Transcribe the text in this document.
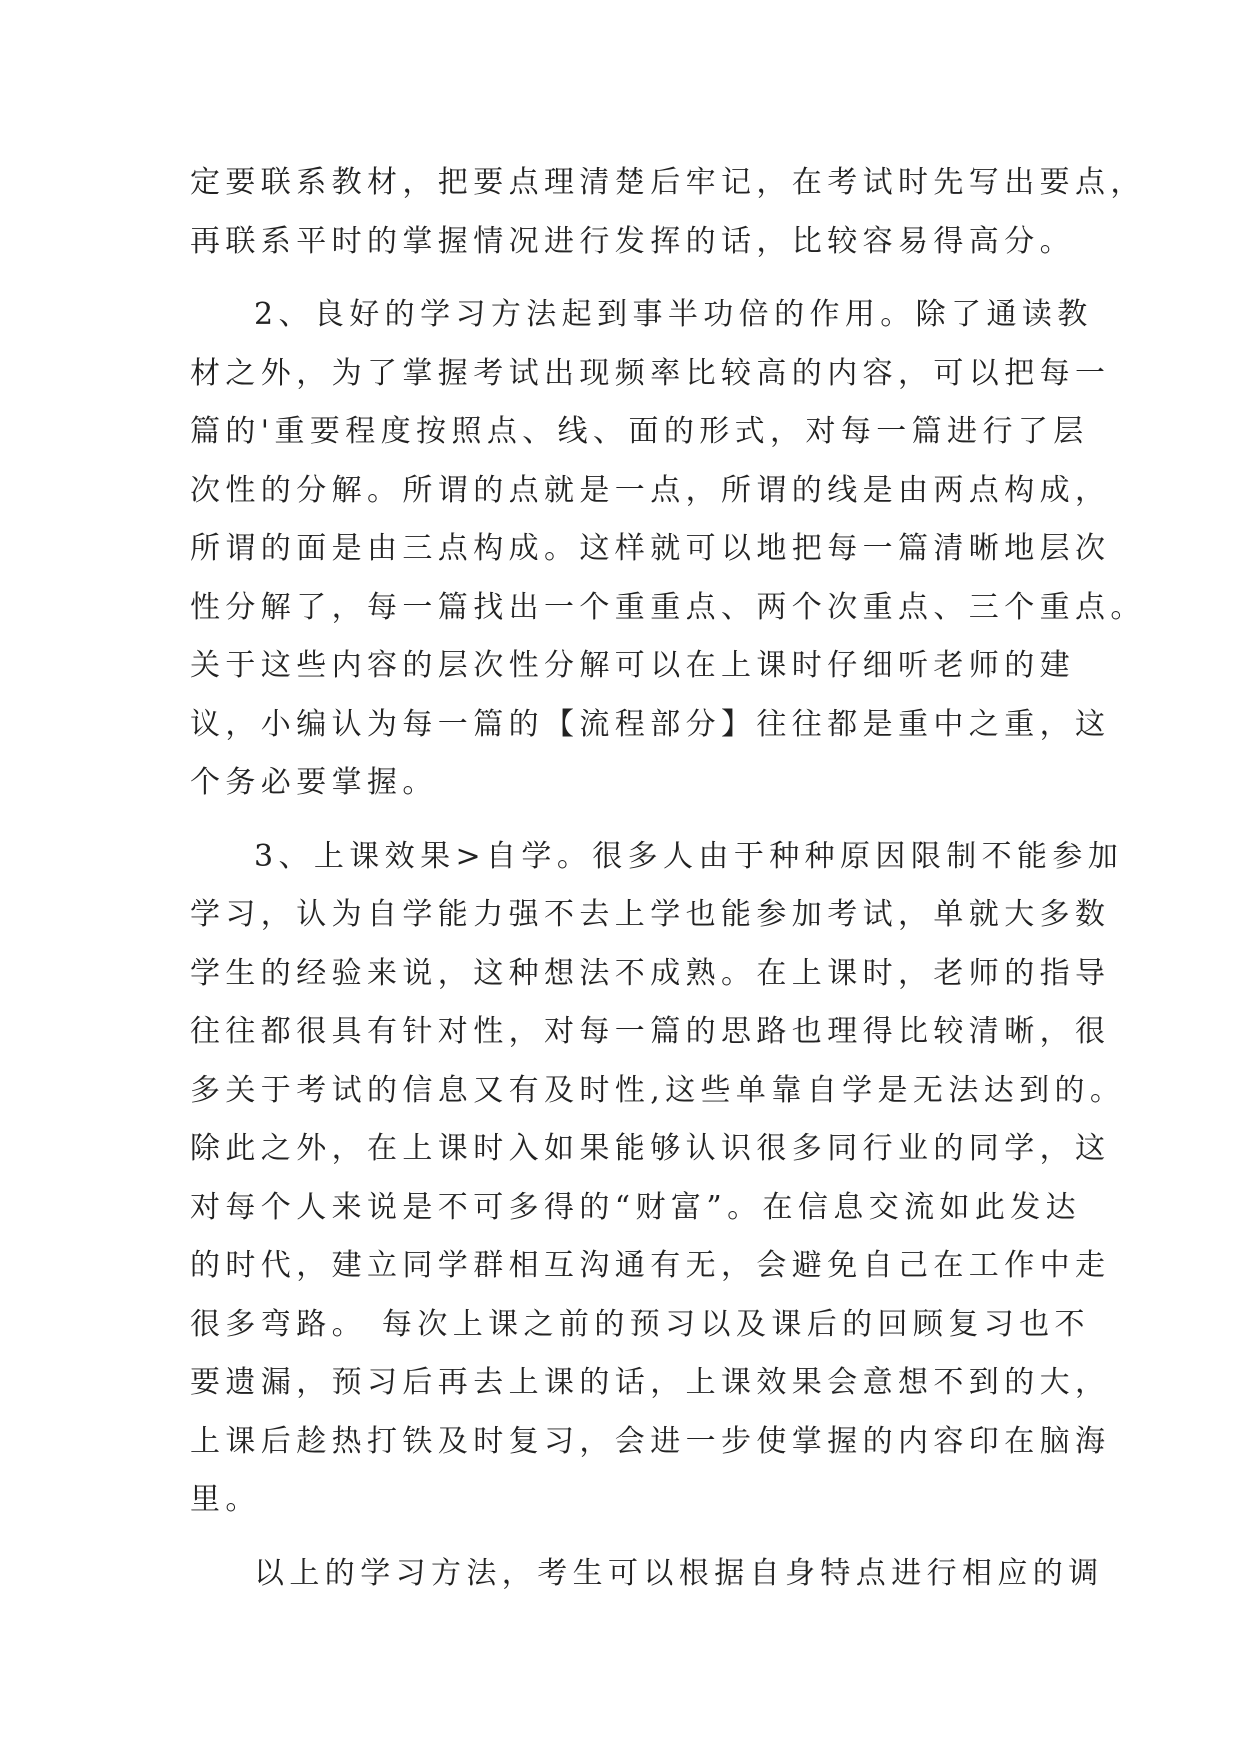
定要联系教材，把要点理清楚后牢记，在考试时先写出要点，
再联系平时的掌握情况进行发挥的话，比较容易得高分。
2、良好的学习方法起到事半功倍的作用。除了通读教
材之外，为了掌握考试出现频率比较高的内容，可以把每一
篇的'重要程度按照点、线、面的形式，对每一篇进行了层
次性的分解。所谓的点就是一点，所谓的线是由两点构成，
所谓的面是由三点构成。这样就可以地把每一篇清晰地层次
性分解了，每一篇找出一个重重点、两个次重点、三个重点。
关于这些内容的层次性分解可以在上课时仔细听老师的建
议，小编认为每一篇的【流程部分】往往都是重中之重，这
个务必要掌握。
3、上课效果>自学。很多人由于种种原因限制不能参加
学习，认为自学能力强不去上学也能参加考试，单就大多数
学生的经验来说，这种想法不成熟。在上课时，老师的指导
往往都很具有针对性，对每一篇的思路也理得比较清晰，很
多关于考试的信息又有及时性,这些单靠自学是无法达到的。
除此之外，在上课时入如果能够认识很多同行业的同学，这
对每个人来说是不可多得的“财富”。在信息交流如此发达
的时代，建立同学群相互沟通有无，会避免自己在工作中走
很多弯路。 每次上课之前的预习以及课后的回顾复习也不
要遗漏，预习后再去上课的话，上课效果会意想不到的大，
上课后趁热打铁及时复习，会进一步使掌握的内容印在脑海
里。
以上的学习方法，考生可以根据自身特点进行相应的调
